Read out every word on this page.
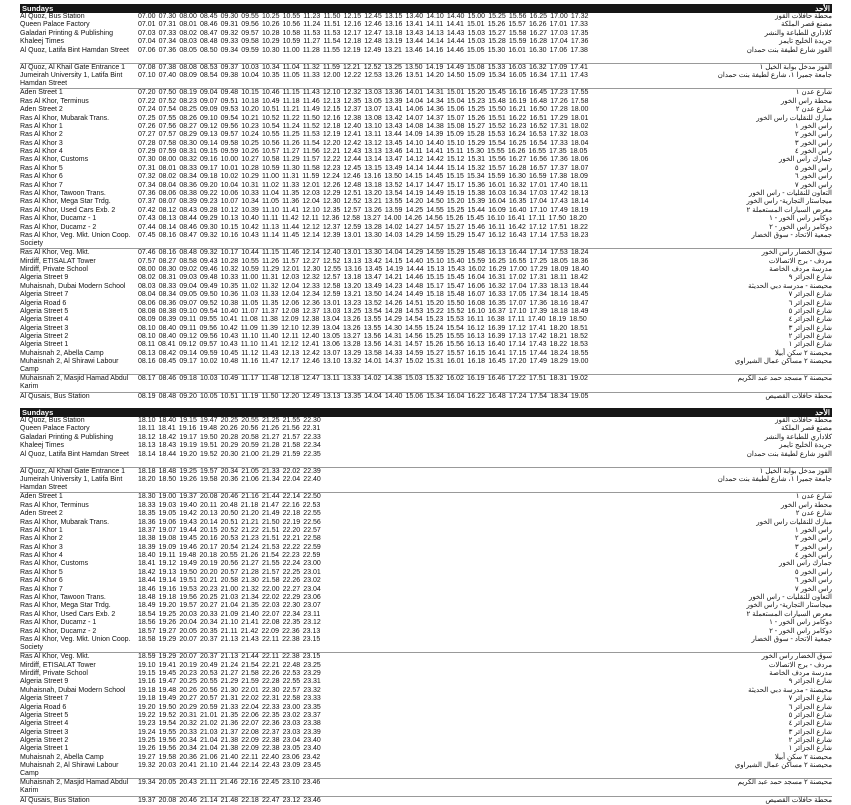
Sundays	الأحد
Al Quoz, Bus Station	07.00 07.30 08.00 08.45 09.30 09.55 10.25 10.55 11.23 11.50 12.15 12.45 13.15 13.40 14.10 14.40 15.00 15.25 15.56 16.25 17.00 17.32	محطة حافلات القوز
Queen Palace Factory	07.01 07.31 08.01 08.46 09.31 09.56 10.26 10.56 11.24 11.51 12.16 12.46 13.16 13.41 14.11 14.41 15.01 15.26 15.57 16.26 17.01 17.33	مصنع قصر الملكة
Galadari Printing & Publishing	07.03 07.33 08.02 08.47 09.32 09.57 10.28 10.58 11.53 11.53 12.17 12.47 13.18 13.43 14.13 14.43 15.03 15.27 15.58 16.27 17.03 17.35	كلاداري للطباعة والنشر
Khaleej Times	07.04 07.34 08.03 08.48 09.33 09.58 10.29 10.59 11.27 11.54 12.18 12.48 13.19 13.44 14.14 14.44 15.03 15.28 15.59 16.28 17.04 17.36	جريدة الخليج تايمز
Al Quoz, Latifa Bint Hamdan Street	07.06 07.36 08.05 08.50 09.34 09.59 10.30 11.00 11.28 11.55 12.19 12.49 13.21 13.46 14.16 14.46 15.05 15.30 16.01 16.30 17.06 17.38	القوز شارع لطيفة بنت حمدان
Al Quoz, Al Khail Gate Entrance 1	07.08 07.38 08.08 08.53 09.37 10.03 10.34 11.04 11.32 11.59 12.21 12.52 13.25 13.50 14.19 14.49 15.08 15.33 16.03 16.32 17.09 17.41	القوز مدخل بوابة الخيل ١
Jumeirah University 1, Latifa Bint Hamdan Street
07.10 07.40 08.09 08.54 09.38 10.04 10.35 11.05 11.33 12.00 12.22 12.53 13.26 13.51 14.20 14.50 15.09 15.34 16.05 16.34 17.11 17.43	جامعة جميرا ١، شارع لطيفة بنت حمدان
Aden Street 1	07.20 07.50 08.19 09.04 09.48 10.15 10.46 11.15 11.43 12.10 12.32 13.03 13.36 14.01 14.31 15.01 15.20 15.45 16.16 16.45 17.23 17.55	شارع عدن ١
Ras Al Khor, Terminus	07.22 07.52 08.23 09.07 09.51 10.18 10.49 11.18 11.46 12.13 12.35 13.05 13.39 14.04 14.34 15.04 15.23 15.48 16.19 16.48 17.26 17.58	محطة راس الخور
Aden Street 2	07.24 07.54 08.25 09.09 09.53 10.20 10.51 11.21 11.49 12.15 12.37 13.07 13.41 14.06 14.36 15.06 15.25 15.50 16.21 16.50 17.28 18.00	شارع عدن ٢
Ras Al Khor, Mubarak Trans.	07.25 07.55 08.26 09.10 09.54 10.21 10.52 11.22 11.50 12.16 12.38 13.08 13.42 14.07 14.37 15.07 15.26 15.51 16.22 16.51 17.29 18.01	مبارك للنقليات راس الخور
Ras Al Khor 1	07.26 07.56 08.27 09.12 09.56 10.23 10.54 11.24 11.52 12.18 12.40 13.10 13.43 14.08 14.38 15.08 15.27 15.52 16.23 16.52 17.31 18.02	راس الخور ١
Ras Al Khor 2	07.27 07.57 08.29 09.13 09.57 10.24 10.55 11.25 11.53 12.19 12.41 13.11 13.44 14.09 14.39 15.09 15.28 15.53 16.24 16.53 17.32 18.03	راس الخور ٢
Ras Al Khor 3	07.28 07.58 08.30 09.14 09.58 10.25 10.56 11.26 11.54 12.20 12.42 13.12 13.45 14.10 14.40 15.10 15.29 15.54 16.25 16.54 17.33 18.04	راس الخور ٣
Ras Al Khor 4	07.29 07.59 08.31 09.15 09.59 10.26 10.57 11.27 11.56 12.21 12.43 13.13 13.46 14.11 14.41 15.11 15.30 15.55 16.26 16.55 17.35 18.05	راس الخور ٤
Ras Al Khor, Customs	07.30 08.00 08.32 09.16 10.00 10.27 10.58 11.29 11.57 12.22 12.44 13.14 13.47 14.12 14.42 15.12 15.31 15.56 16.27 16.56 17.36 18.06	جمارك راس الخور
Ras Al Khor 5	07.31 08.01 08.33 09.17 10.01 10.28 10.59 11.30 11.58 12.23 12.45 13.15 13.49 14.14 14.44 15.14 15.32 15.57 16.28 16.57 17.37 18.07	راس الخور ٥
Ras Al Khor 6	07.32 08.02 08.34 09.18 10.02 10.29 11.00 11.31 11.59 12.24 12.46 13.16 13.50 14.15 14.45 15.15 15.34 15.59 16.30 16.59 17.38 18.09	راس الخور ٦
Ras Al Khor 7	07.34 08.04 08.36 09.20 10.04 10.31 11.02 11.33 12.01 12.26 12.48 13.18 13.52 14.17 14.47 15.17 15.36 16.01 16.32 17.01 17.40 18.11	راس الخور ٧
Ras Al Khor, Tawoon Trans.	07.36 08.06 08.38 09.22 10.06 10.33 11.04 11.35 12.03 12.29 12.51 13.20 13.54 14.19 14.49 15.19 15.38 16.03 16.34 17.03 17.42 18.13	التعاون للنقليات - راس الخور
Ras Al Khor, Mega Star Trdg.	07.37 08.07 08.39 09.23 10.07 10.34 11.05 11.36 12.04 12.30 12.52 13.21 13.55 14.20 14.50 15.20 15.39 16.04 16.35 17.04 17.43 18.14	ميجاستار التجارية- راس الخور
Ras Al Khor, Used Cars Exb. 2	07.42 08.12 08.43 09.28 10.12 10.39 11.10 11.41 12.10 12.35 12.57 13.26 13.59 14.25 14.55 15.25 15.44 16.09 16.40 17.10 17.49 18.19	معرض السيارات المستعملة ٢
Ras Al Khor, Ducamz - 1	07.43 08.13 08.44 09.29 10.13 10.40 11.11 11.42 12.11 12.36 12.58 13.27 14.00 14.26 14.56 15.26 15.45 16.10 16.41 17.11 17.50 18.20	دوكامز راس الخور - ١
Ras Al Khor, Ducamz - 2	07.44 08.14 08.46 09.30 10.15 10.42 11.13 11.44 12.12 12.37 12.59 13.28 14.02 14.27 14.57 15.27 15.46 16.11 16.42 17.12 17.51 18.22	دوكامز راس الخور - ٢
Ras Al Khor, Veg. Mkt. Union Coop. Society
07.45 08.16 08.47 09.32 10.16 10.43 11.14 11.45 12.14 12.39 13.01 13.30 14.03 14.29 14.59 15.29 15.47 16.12 16.43 17.14 17.53 18.23	جمعية الاتحاد - سوق الخضار
Ras Al Khor, Veg. Mkt.	07.46 08.16 08.48 09.32 10.17 10.44 11.15 11.46 12.14 12.40 13.01 13.30 14.04 14.29 14.59 15.29 15.48 16.13 16.44 17.14 17.53 18.24	سوق الخضار راس الخور
Mirdiff, ETISALAT Tower	07.57 08.27 08.58 09.43 10.28 10.55 11.26 11.57 12.27 12.52 13.13 13.42 14.15 14.40 15.10 15.40 15.59 16.25 16.55 17.25 18.05 18.36	مردف - برج الاتصالات
Mirdiff, Private School	08.00 08.30 09.02 09.46 10.32 10.59 11.29 12.01 12.30 12.55 13.16 13.45 14.19 14.44 15.13 15.43 16.02 16.29 17.00 17.29 18.09 18.40	مدرسة مردف الخاصة
Algeria Street 9	08.02 08.31 09.03 09.48 10.33 11.00 11.31 12.03 12.32 12.57 13.18 13.47 14.21 14.46 15.15 15.45 16.04 16.31 17.02 17.31 18.11 18.42	شارع الجزائر ٩
Muhaisnah, Dubai Modern School	08.03 08.33 09.04 09.49 10.35 11.02 11.32 12.04 12.33 12.58 13.20 13.49 14.23 14.48 15.17 15.47 16.06 16.32 17.04 17.33 18.13 18.44	محيصنة - مدرسة دبي الحديثة
Algeria Street 7	08.04 08.34 09.05 09.50 10.36 11.03 11.33 12.04 12.34 12.59 13.21 13.50 14.24 14.49 15.18 15.48 16.07 16.33 17.05 17.34 18.14 18.45	شارع الجزائر ٧
Algeria Road 6	08.06 08.36 09.07 09.52 10.38 11.05 11.35 12.06 12.36 13.01 13.23 13.52 14.26 14.51 15.20 15.50 16.08 16.35 17.07 17.36 18.16 18.47	شارع الجزائر ٦
Algeria Street 5	08.08 08.38 09.10 09.54 10.40 11.07 11.37 12.08 12.37 13.03 13.25 13.54 14.28 14.53 15.22 15.52 16.10 16.37 17.10 17.39 18.18 18.49	شارع الجزائر ٥
Algeria Street 4	08.09 08.39 09.11 09.55 10.41 11.08 11.38 12.09 12.38 13.04 13.26 13.55 14.29 14.54 15.23 15.53 16.11 16.38 17.11 17.40 18.19 18.50	شارع الجزائر ٤
Algeria Street 3	08.10 08.40 09.11 09.56 10.42 11.09 11.39 12.10 12.39 13.04 13.26 13.55 14.30 14.55 15.24 15.54 16.12 16.39 17.12 17.41 18.20 18.51	شارع الجزائر ٣
Algeria Street 2	08.10 08.40 09.12 09.56 10.43 11.10 11.40 12.11 12.40 13.05 13.27 13.56 14.31 14.56 15.25 15.55 16.13 16.39 17.13 17.42 18.21 18.52	شارع الجزائر ٢
Algeria Street 1	08.11 08.41 09.12 09.57 10.43 11.10 11.41 12.12 12.41 13.06 13.28 13.56 14.31 14.57 15.26 15.56 16.13 16.40 17.14 17.43 18.22 18.53	شارع الجزائر ١
Muhaisnah 2, Abella Camp	08.13 08.42 09.14 09.59 10.45 11.12 11.43 12.13 12.42 13.07 13.29 13.58 14.33 14.59 15.27 15.57 16.15 16.41 17.15 17.44 18.24 18.55	محيصنة ٢ سكن أبيلا
Muhaisnah 2, Al Shirawi Labour Camp
08.16 08.45 09.17 10.02 10.48 11.16 11.47 12.17 12.46 13.10 13.32 14.01 14.37 15.02 15.31 16.01 16.18 16.45 17.20 17.49 18.29 19.00	محيصنة ٢ مساكن عمال الشيراوي
Muhaisnah 2, Masjid Hamad Abdul Karim
08.17 08.46 09.18 10.03 10.49 11.17 11.48 12.18 12.47 13.11 13.33 14.02 14.38 15.03 15.32 16.02 16.19 16.46 17.22 17.51 18.31 19.02	محيصنة ٢ مسجد حمد عبد الكريم
Al Qusais, Bus Station	08.19 08.48 09.20 10.05 10.51 11.19 11.50 12.20 12.49 13.13 13.35 14.04 14.40 15.06 15.34 16.04 16.22 16.48 17.24 17.54 18.34 19.05	محطة حافلات القصيص
Sundays	الأحد
Al Quoz, Bus Station	18.10 18.40 19.15 19.47 20.25 20.55 21.25 21.55 22.30	محطة حافلات القوز
Queen Palace Factory	18.11 18.41 19.16 19.48 20.26 20.56 21.26 21.56 22.31	مصنع قصر الملكة
Galadari Printing & Publishing	18.12 18.42 19.17 19.50 20.28 20.58 21.27 21.57 22.33	كلاداري للطباعة والنشر
Khaleej Times	18.13 18.43 19.19 19.51 20.29 20.59 21.28 21.58 22.34	جريدة الخليج تايمز
Al Quoz, Latifa Bint Hamdan Street	18.14 18.44 19.20 19.52 20.30 21.00 21.29 21.59 22.35	القوز شارع لطيفة بنت حمدان
Al Quoz, Al Khail Gate Entrance 1	18.18 18.48 19.25 19.57 20.34 21.05 21.33 22.02 22.39	القوز مدخل بوابة الخيل ١
Jumeirah University 1, Latifa Bint Hamdan Street
18.20 18.50 19.26 19.58 20.36 21.06 21.34 22.04 22.40	جامعة جميرا ١، شارع لطيفة بنت حمدان
Aden Street 1	18.30 19.00 19.37 20.08 20.46 21.16 21.44 22.14 22.50	شارع عدن ١
Ras Al Khor, Terminus	18.33 19.03 19.40 20.11 20.48 21.18 21.47 22.16 22.53	محطة راس الخور
Aden Street 2	18.35 19.05 19.42 20.13 20.50 21.20 21.49 22.18 22.55	شارع عدن ٢
Ras Al Khor, Mubarak Trans.	18.36 19.06 19.43 20.14 20.51 21.21 21.50 22.19 22.56	مبارك للنقليات راس الخور
Ras Al Khor 1	18.37 19.07 19.44 20.15 20.52 21.22 21.51 22.20 22.57	راس الخور ١
Ras Al Khor 2	18.38 19.08 19.45 20.16 20.53 21.23 21.51 22.21 22.58	راس الخور ٢
Ras Al Khor 3	18.39 19.09 19.46 20.17 20.54 21.24 21.53 22.22 22.59	راس الخور ٣
Ras Al Khor 4	18.40 19.11 19.48 20.18 20.55 21.26 21.54 22.23 22.59	راس الخور ٤
Ras Al Khor, Customs	18.41 19.12 19.49 20.19 20.56 21.27 21.55 22.24 23.00	جمارك راس الخور
Ras Al Khor 5	18.42 19.13 19.50 20.20 20.57 21.28 21.57 22.25 23.01	راس الخور ٥
Ras Al Khor 6	18.44 19.14 19.51 20.21 20.58 21.30 21.58 22.26 23.02	راس الخور ٦
Ras Al Khor 7	18.46 19.16 19.53 20.23 21.00 21.32 22.00 22.27 23.04	راس الخور ٧
Ras Al Khor, Tawoon Trans.	18.48 19.18 19.56 20.25 21.03 21.34 22.02 22.29 23.06	التعاون للنقليات - راس الخور
Ras Al Khor, Mega Star Trdg.	18.49 19.20 19.57 20.27 21.04 21.35 22.03 22.30 23.07	ميجاستار التجارية- راس الخور
Ras Al Khor, Used Cars Exb. 2	18.54 19.25 20.03 20.33 21.09 21.40 22.07 22.34 23.11	معرض السيارات المستعملة ٢
Ras Al Khor, Ducamz - 1	18.56 19.26 20.04 20.34 21.10 21.41 22.08 22.35 23.12	دوكامز راس الخور - ١
Ras Al Khor, Ducamz - 2	18.57 19.27 20.05 20.35 21.11 21.42 22.09 22.36 23.13	دوكامز راس الخور - ٢
Ras Al Khor, Veg. Mkt. Union Coop. Society
18.58 19.29 20.07 20.37 21.13 21.43 22.11 22.38 23.15	جمعية الاتحاد - سوق الخضار
Ras Al Khor, Veg. Mkt.	18.59 19.29 20.07 20.37 21.13 21.44 22.11 22.38 23.15	سوق الخضار راس الخور
Mirdiff, ETISALAT Tower	19.10 19.41 20.19 20.49 21.24 21.54 22.21 22.48 23.25	مردف - برج الاتصالات
Mirdiff, Private School	19.15 19.45 20.23 20.53 21.27 21.58 22.26 22.53 23.29	مدرسة مردف الخاصة
Algeria Street 9	19.16 19.47 20.25 20.55 21.29 21.59 22.28 22.55 23.31	شارع الجزائر ٩
Muhaisnah, Dubai Modern School	19.18 19.48 20.26 20.56 21.30 22.01 22.30 22.57 23.32	محيصنة - مدرسة دبي الحديثة
Algeria Street 7	19.18 19.49 20.27 20.57 21.31 22.02 22.31 22.58 23.33	شارع الجزائر ٧
Algeria Road 6	19.20 19.50 20.29 20.59 21.33 22.04 22.33 23.00 23.35	شارع الجزائر ٦
Algeria Street 5	19.22 19.52 20.31 21.01 21.35 22.06 22.35 23.02 23.37	شارع الجزائر ٥
Algeria Street 4	19.23 19.54 20.32 21.02 21.36 22.07 22.36 23.03 23.38	شارع الجزائر ٤
Algeria Street 3	19.24 19.55 20.33 21.03 21.37 22.08 22.37 23.03 23.39	شارع الجزائر ٣
Algeria Street 2	19.25 19.56 20.34 21.04 21.38 22.09 22.38 23.04 23.40	شارع الجزائر ٢
Algeria Street 1	19.26 19.56 20.34 21.04 21.38 22.09 22.38 23.05 23.40	شارع الجزائر ١
Muhaisnah 2, Abella Camp	19.27 19.58 20.36 21.06 21.40 22.11 22.40 23.06 23.42	محيصنة ٢ سكن أبيلا
Muhaisnah 2, Al Shirawi Labour Camp
19.32 20.03 20.41 21.10 21.44 22.14 22.43 23.09 23.45	محيصنة ٢ مساكن عمال الشيراوي
Muhaisnah 2, Masjid Hamad Abdul Karim
19.34 20.05 20.43 21.11 21.46 22.16 22.45 23.10 23.46	محيصنة ٢ مسجد حمد عبد الكريم
Al Qusais, Bus Station	19.37 20.08 20.46 21.14 21.48 22.18 22.47 23.12 23.46	محطة حافلات القصيص
